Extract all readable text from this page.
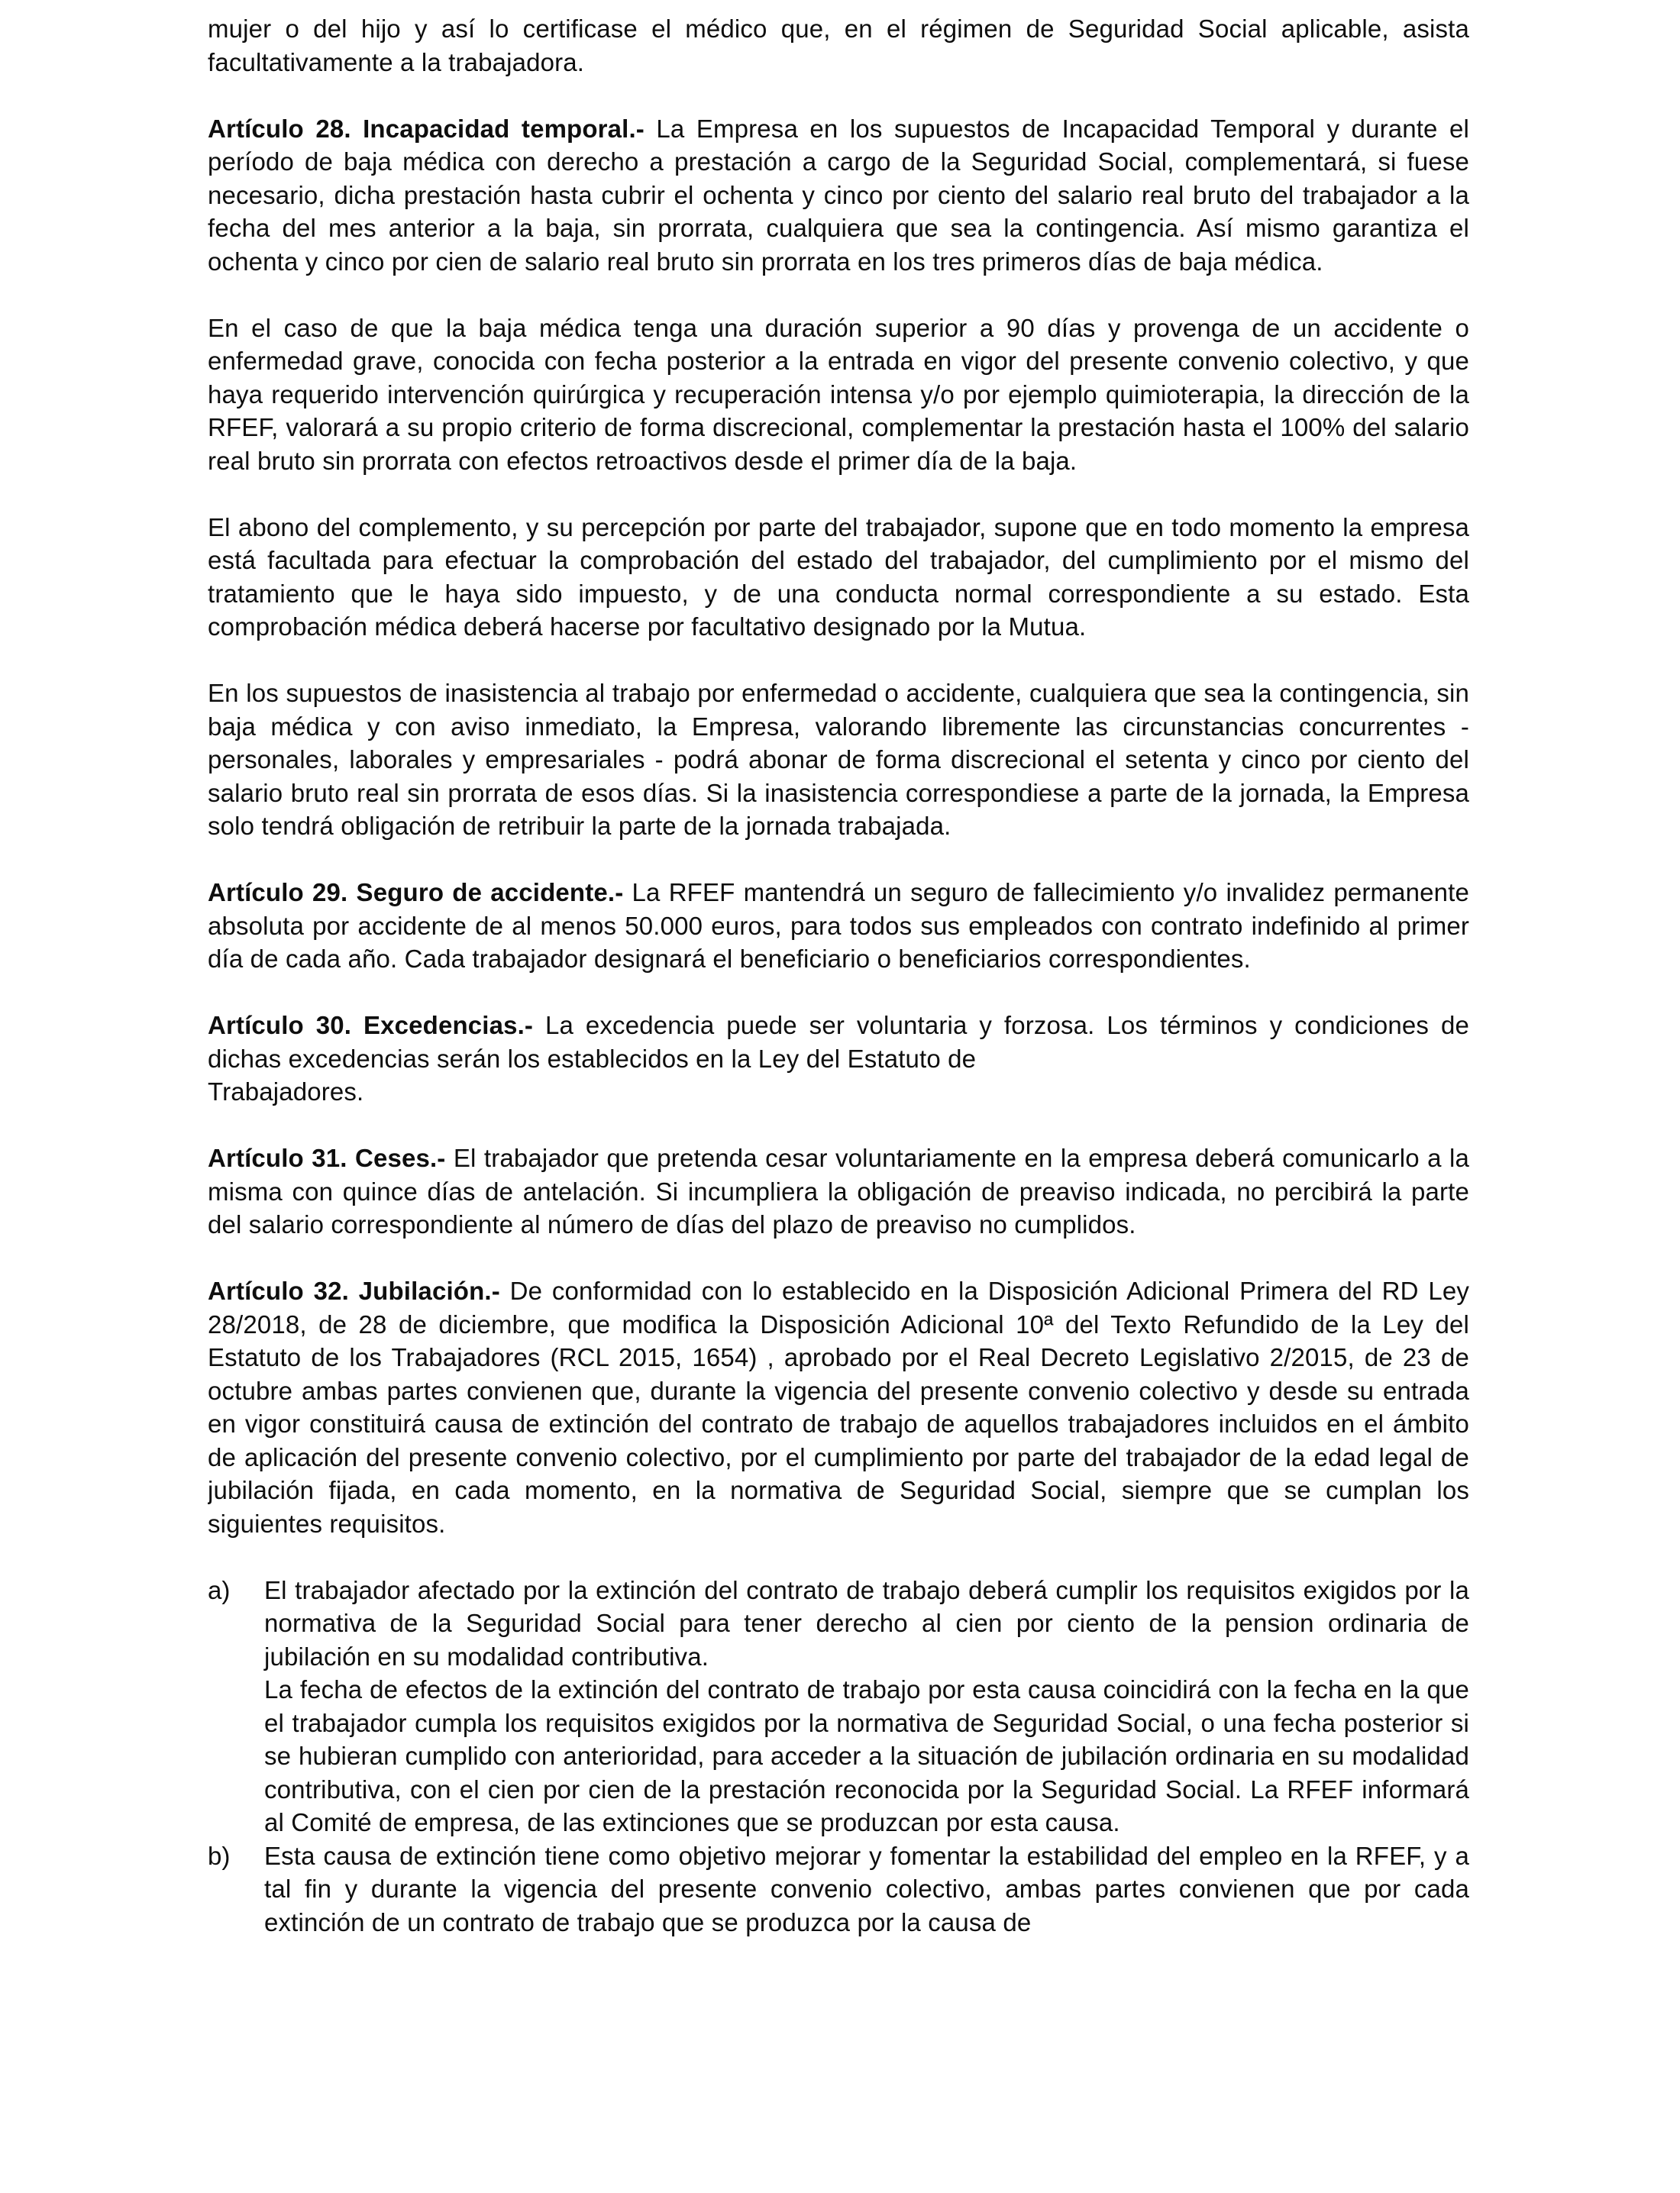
mujer o del hijo y así lo certificase el médico que, en el régimen de Seguridad Social aplicable, asista facultativamente a la trabajadora.

Artículo 28. Incapacidad temporal.- La Empresa en los supuestos de Incapacidad Temporal y durante el período de baja médica con derecho a prestación a cargo de la Seguridad Social, complementará, si fuese necesario, dicha prestación hasta cubrir el ochenta y cinco por ciento del salario real bruto del trabajador a la fecha del mes anterior a la baja, sin prorrata, cualquiera que sea la contingencia. Así mismo garantiza el ochenta y cinco por cien de salario real bruto sin prorrata en los tres primeros días de baja médica.

En el caso de que la baja médica tenga una duración superior a 90 días y provenga de un accidente o enfermedad grave, conocida con fecha posterior a la entrada en vigor del presente convenio colectivo, y que haya requerido intervención quirúrgica y recuperación intensa y/o por ejemplo quimioterapia, la dirección de la RFEF, valorará a su propio criterio de forma discrecional, complementar la prestación hasta el 100% del salario real bruto sin prorrata con efectos retroactivos desde el primer día de la baja.

El abono del complemento, y su percepción por parte del trabajador, supone que en todo momento la empresa está facultada para efectuar la comprobación del estado del trabajador, del cumplimiento por el mismo del tratamiento que le haya sido impuesto, y de una conducta normal correspondiente a su estado. Esta comprobación médica deberá hacerse por facultativo designado por la Mutua.

En los supuestos de inasistencia al trabajo por enfermedad o accidente, cualquiera que sea la contingencia, sin baja médica y con aviso inmediato, la Empresa, valorando libremente las circunstancias concurrentes - personales, laborales y empresariales - podrá abonar de forma discrecional el setenta y cinco por ciento del salario bruto real sin prorrata de esos días. Si la inasistencia correspondiese a parte de la jornada, la Empresa solo tendrá obligación de retribuir la parte de la jornada trabajada.

Artículo 29. Seguro de accidente.- La RFEF mantendrá un seguro de fallecimiento y/o invalidez permanente absoluta por accidente de al menos 50.000 euros, para todos sus empleados con contrato indefinido al primer día de cada año. Cada trabajador designará el beneficiario o beneficiarios correspondientes.

Artículo 30. Excedencias.- La excedencia puede ser voluntaria y forzosa. Los términos y condiciones de dichas excedencias serán los establecidos en la Ley del Estatuto de

Trabajadores.

Artículo 31. Ceses.- El trabajador que pretenda cesar voluntariamente en la empresa deberá comunicarlo a la misma con quince días de antelación. Si incumpliera la obligación de preaviso indicada, no percibirá la parte del salario correspondiente al número de días del plazo de preaviso no cumplidos.

Artículo 32. Jubilación.- De conformidad con lo establecido en la Disposición Adicional Primera del RD Ley 28/2018, de 28 de diciembre, que modifica la Disposición Adicional 10ª del Texto Refundido de la Ley del Estatuto de los Trabajadores (RCL 2015, 1654) , aprobado por el Real Decreto Legislativo 2/2015, de 23 de octubre ambas partes convienen que, durante la vigencia del presente convenio colectivo y desde su entrada en vigor constituirá causa de extinción del contrato de trabajo de aquellos trabajadores incluidos en el ámbito de aplicación del presente convenio colectivo, por el cumplimiento por parte del trabajador de la edad legal de jubilación fijada, en cada momento, en la normativa de Seguridad Social, siempre que se cumplan los siguientes requisitos.

a)	El trabajador afectado por la extinción del contrato de trabajo deberá cumplir los requisitos exigidos por la normativa de la Seguridad Social para tener derecho al cien por ciento de la pension ordinaria de jubilación en su modalidad contributiva.

La fecha de efectos de la extinción del contrato de trabajo por esta causa coincidirá con la fecha en la que el trabajador cumpla los requisitos exigidos por la normativa de Seguridad Social, o una fecha posterior si se hubieran cumplido con anterioridad, para acceder a la situación de jubilación ordinaria en su modalidad contributiva, con el cien por cien de la prestación reconocida por la Seguridad Social. La RFEF informará al Comité de empresa, de las extinciones que se produzcan por esta causa.

b)	Esta causa de extinción tiene como objetivo mejorar y fomentar la estabilidad del empleo en la RFEF, y a tal fin y durante la vigencia del presente convenio colectivo, ambas partes convienen que por cada extinción de un contrato de trabajo que se produzca por la causa de
